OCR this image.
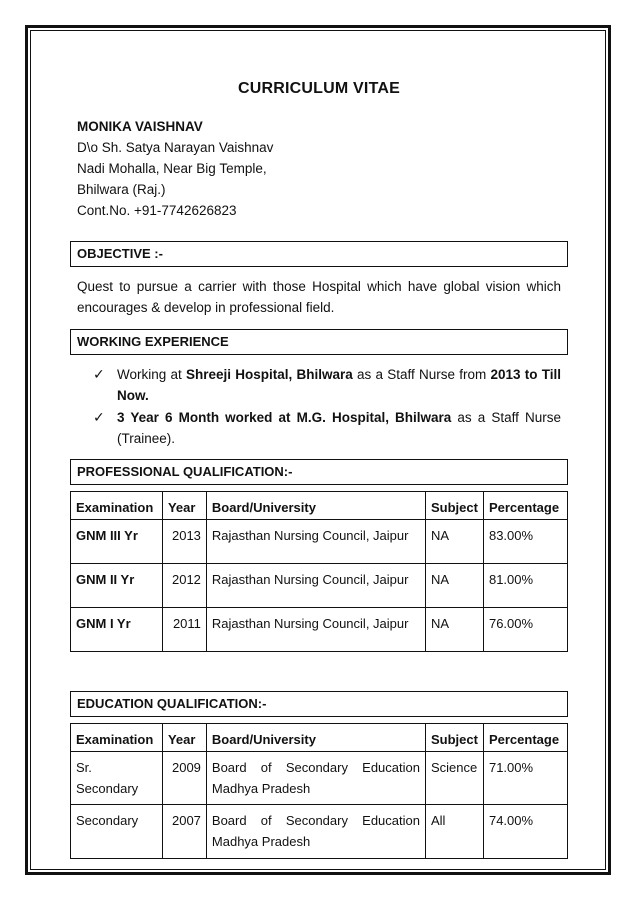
CURRICULUM VITAE
MONIKA VAISHNAV
D\o Sh. Satya Narayan Vaishnav
Nadi Mohalla, Near Big Temple,
Bhilwara (Raj.)
Cont.No. +91-7742626823
OBJECTIVE :-
Quest to pursue a carrier with those Hospital which have global vision which encourages & develop in professional field.
WORKING EXPERIENCE
✓ Working at Shreeji Hospital, Bhilwara as a Staff Nurse from 2013 to Till Now.
✓ 3 Year 6 Month worked at M.G. Hospital, Bhilwara as a Staff Nurse (Trainee).
PROFESSIONAL QUALIFICATION:-
Examination	Year	Board/University	Subject	Percentage
GNM III Yr	2013	Rajasthan Nursing Council, Jaipur	NA	83.00%
GNM II Yr	2012	Rajasthan Nursing Council, Jaipur	NA	81.00%
GNM I Yr	2011	Rajasthan Nursing Council, Jaipur	NA	76.00%
EDUCATION QUALIFICATION:-
Examination	Year	Board/University	Subject	Percentage
Sr. Secondary	2009	Board of Secondary Education Madhya Pradesh	Science	71.00%
Secondary	2007	Board of Secondary Education Madhya Pradesh	All	74.00%
